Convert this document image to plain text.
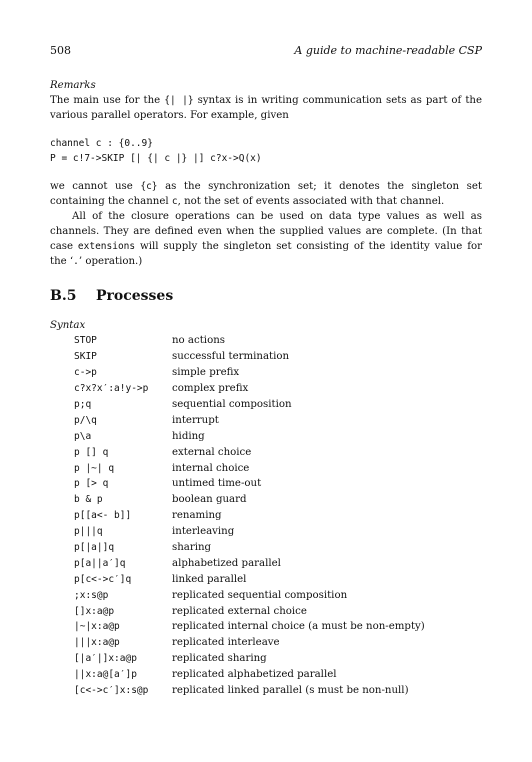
508	A guide to machine-readable CSP

Remarks

The main use for the {| |} syntax is in writing communication sets as part of the various parallel operators. For example, given

channel c : {0..9}
P = c!7->SKIP [| {| c |} |] c?x->Q(x)

we cannot use {c} as the synchronization set; it denotes the singleton set containing the channel c, not the set of events associated with that channel.

All of the closure operations can be used on data type values as well as channels. They are defined even when the supplied values are complete. (In that case extensions will supply the singleton set consisting of the identity value for the ‘.’ operation.)

B.5 Processes

Syntax

STOP	no actions
SKIP	successful termination
c->p	simple prefix
c?x?x′:a!y->p	complex prefix
p;q	sequential composition
p/\q	interrupt
p\a	hiding
p [] q	external choice
p |~| q	internal choice
p [> q	untimed time-out
b & p	boolean guard
p[[a<- b]]	renaming
p|||q	interleaving
p[|a|]q	sharing
p[a||a′]q	alphabetized parallel
p[c<->c′]q	linked parallel
;x:s@p	replicated sequential composition
[]x:a@p	replicated external choice
|~|x:a@p	replicated internal choice (a must be non-empty)
|||x:a@p	replicated interleave
[|a′|]x:a@p	replicated sharing
||x:a@[a′]p	replicated alphabetized parallel
[c<->c′]x:s@p	replicated linked parallel (s must be non-null)
